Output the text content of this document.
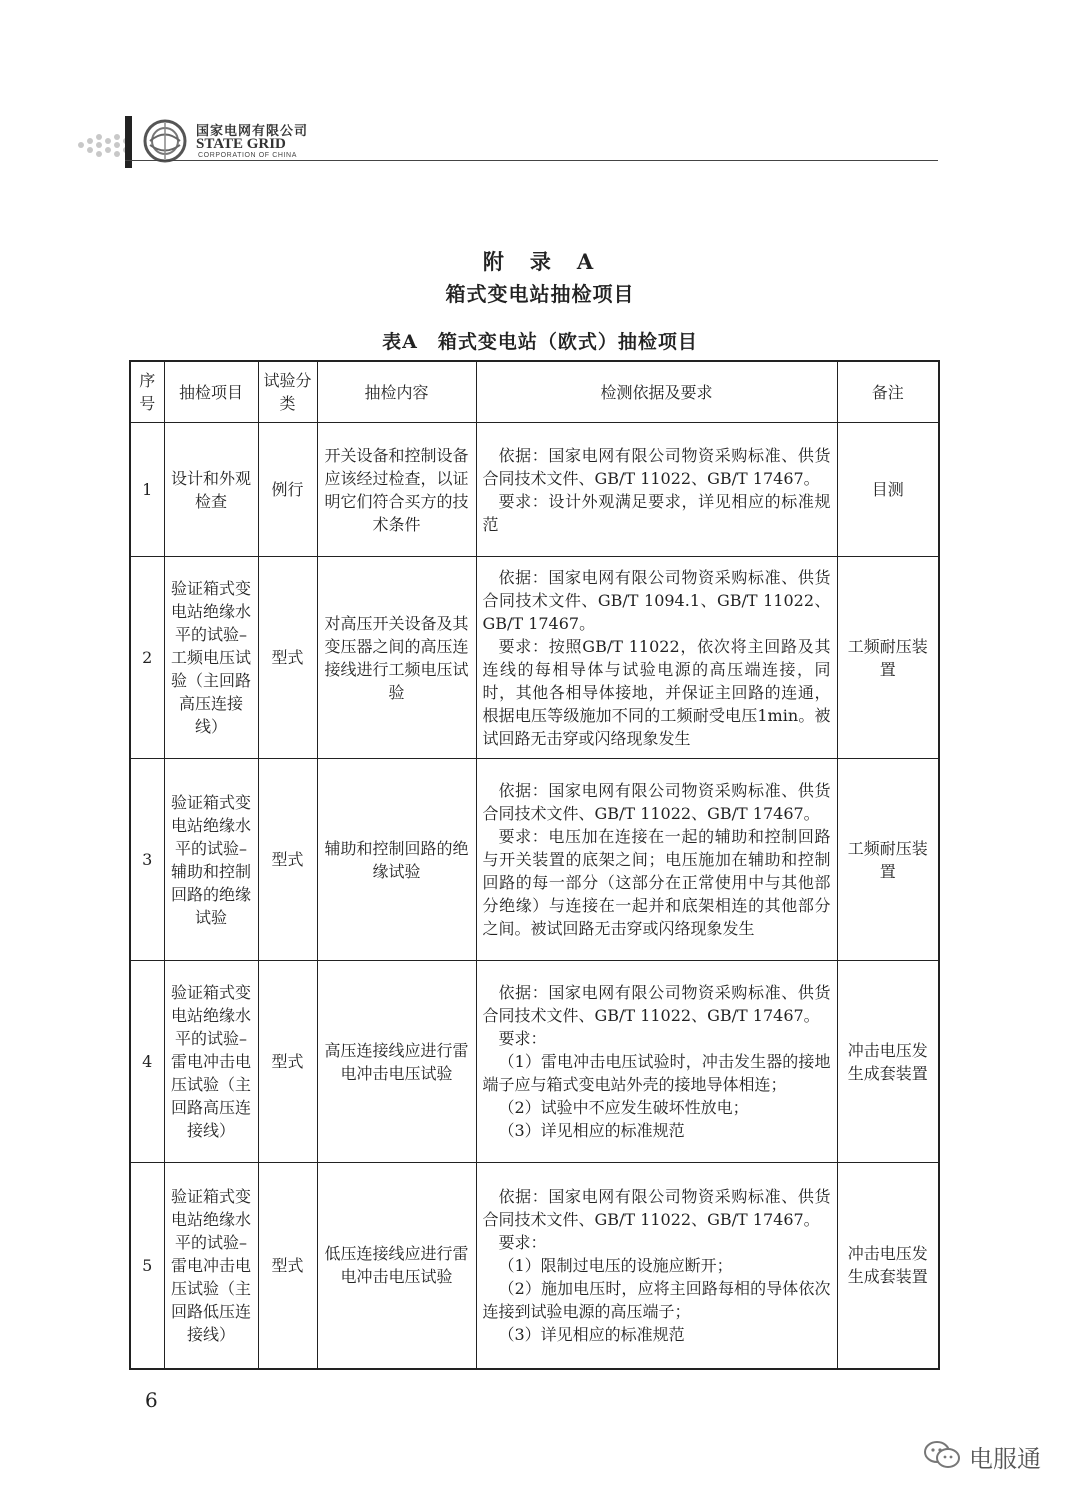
国家电网有限公司
STATE GRID
CORPORATION OF CHINA
附 录 A
箱式变电站抽检项目
表A 箱式变电站（欧式）抽检项目
序号	抽检项目	试验分类	抽检内容	检测依据及要求	备注
1	设计和外观检查	例行	开关设备和控制设备应该经过检查，以证明它们符合买方的技术条件	依据：国家电网有限公司物资采购标准、供货合同技术文件、GB/T 11022、GB/T 17467。

要求：设计外观满足要求，详见相应的标准规范	目测
2	验证箱式变电站绝缘水平的试验–工频电压试验（主回路高压连接线）	型式	对高压开关设备及其变压器之间的高压连接线进行工频电压试验	依据：国家电网有限公司物资采购标准、供货合同技术文件、GB/T 1094.1、GB/T 11022、GB/T 17467。

要求：按照GB/T 11022，依次将主回路及其连线的每相导体与试验电源的高压端连接，同时，其他各相导体接地，并保证主回路的连通，根据电压等级施加不同的工频耐受电压1min。被试回路无击穿或闪络现象发生	工频耐压装置
3	验证箱式变电站绝缘水平的试验–辅助和控制回路的绝缘试验	型式	辅助和控制回路的绝缘试验	依据：国家电网有限公司物资采购标准、供货合同技术文件、GB/T 11022、GB/T 17467。

要求：电压加在连接在一起的辅助和控制回路与开关装置的底架之间；电压施加在辅助和控制回路的每一部分（这部分在正常使用中与其他部分绝缘）与连接在一起并和底架相连的其他部分之间。被试回路无击穿或闪络现象发生	工频耐压装置
4	验证箱式变电站绝缘水平的试验–雷电冲击电压试验（主回路高压连接线）	型式	高压连接线应进行雷电冲击电压试验	依据：国家电网有限公司物资采购标准、供货合同技术文件、GB/T 11022、GB/T 17467。

要求：

（1）雷电冲击电压试验时，冲击发生器的接地端子应与箱式变电站外壳的接地导体相连；

（2）试验中不应发生破坏性放电；

（3）详见相应的标准规范	冲击电压发生成套装置
5	验证箱式变电站绝缘水平的试验–雷电冲击电压试验（主回路低压连接线）	型式	低压连接线应进行雷电冲击电压试验	依据：国家电网有限公司物资采购标准、供货合同技术文件、GB/T 11022、GB/T 17467。

要求：

（1）限制过电压的设施应断开；

（2）施加电压时，应将主回路每相的导体依次连接到试验电源的高压端子；

（3）详见相应的标准规范	冲击电压发生成套装置
6
电服通
